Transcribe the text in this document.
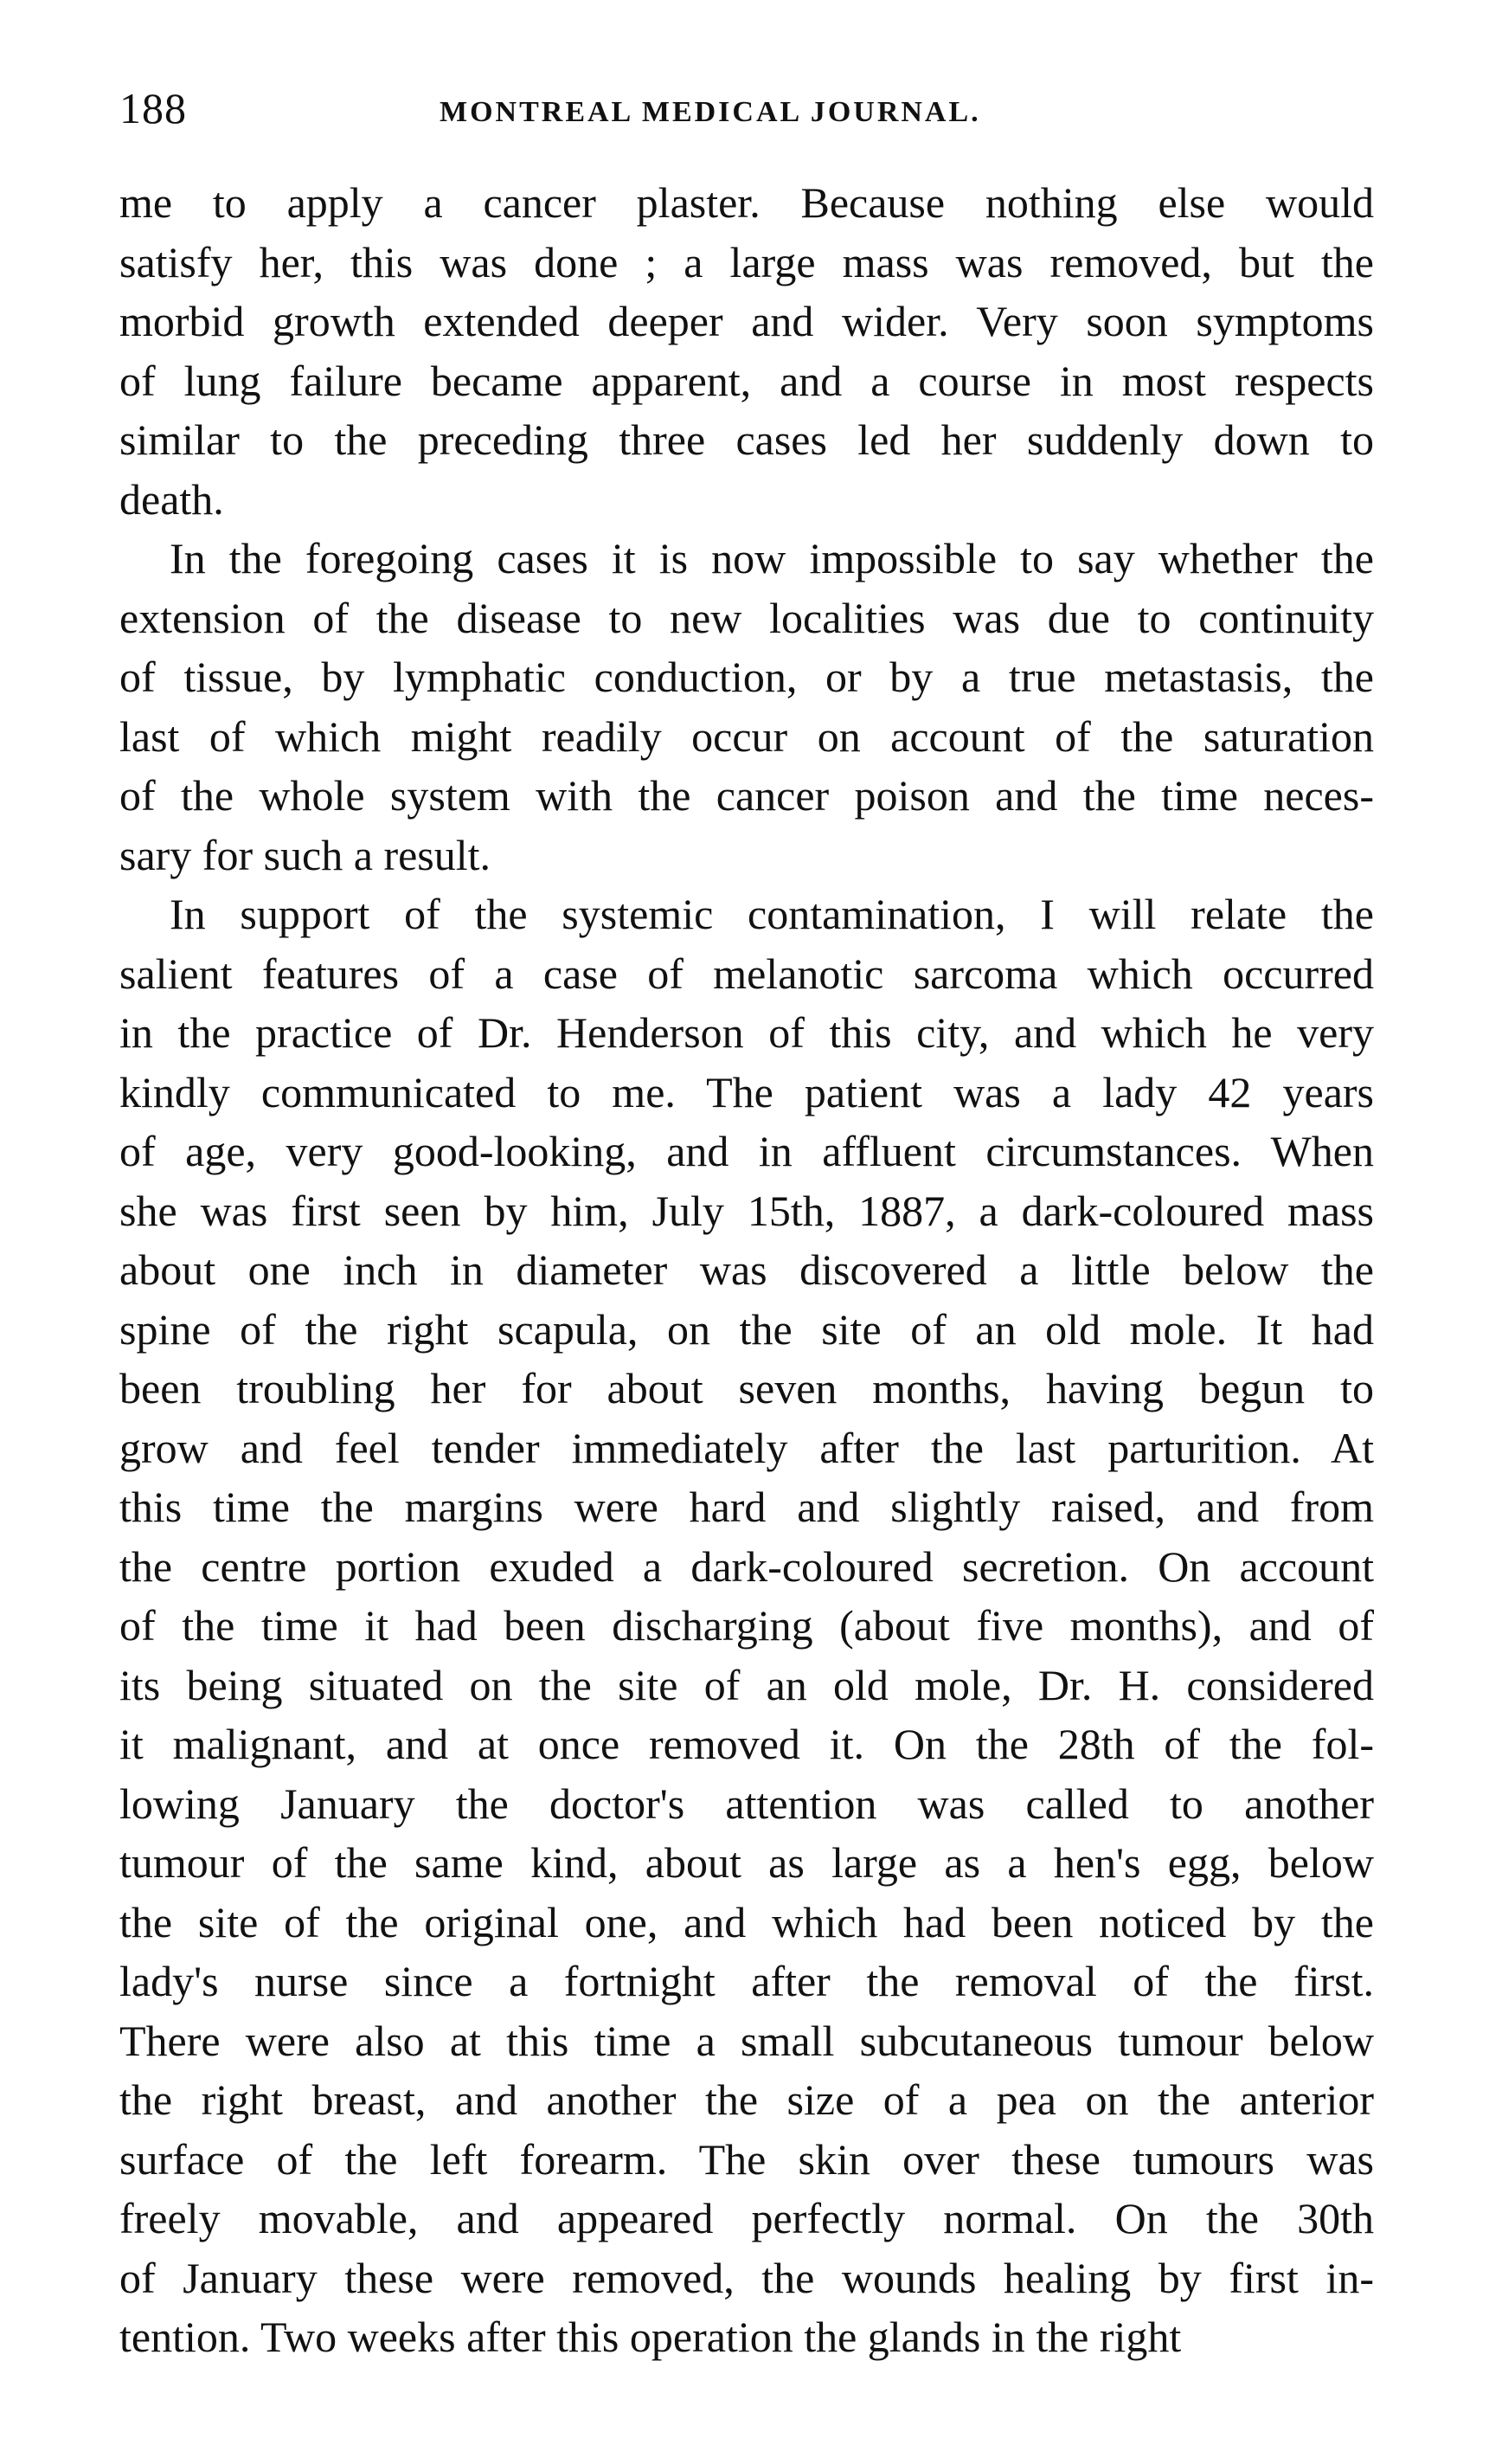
188	MONTREAL MEDICAL JOURNAL.
me to apply a cancer plaster. Because nothing else would
satisfy her, this was done ; a large mass was removed, but the
morbid growth extended deeper and wider. Very soon symptoms
of lung failure became apparent, and a course in most respects
similar to the preceding three cases led her suddenly down to
death.
In the foregoing cases it is now impossible to say whether the
extension of the disease to new localities was due to continuity
of tissue, by lymphatic conduction, or by a true metastasis, the
last of which might readily occur on account of the saturation
of the whole system with the cancer poison and the time neces-
sary for such a result.
In support of the systemic contamination, I will relate the
salient features of a case of melanotic sarcoma which occurred
in the practice of Dr. Henderson of this city, and which he very
kindly communicated to me. The patient was a lady 42 years
of age, very good-looking, and in affluent circumstances. When
she was first seen by him, July 15th, 1887, a dark-coloured mass
about one inch in diameter was discovered a little below the
spine of the right scapula, on the site of an old mole. It had
been troubling her for about seven months, having begun to
grow and feel tender immediately after the last parturition. At
this time the margins were hard and slightly raised, and from
the centre portion exuded a dark-coloured secretion. On account
of the time it had been discharging (about five months), and of
its being situated on the site of an old mole, Dr. H. considered
it malignant, and at once removed it. On the 28th of the fol-
lowing January the doctor's attention was called to another
tumour of the same kind, about as large as a hen's egg, below
the site of the original one, and which had been noticed by the
lady's nurse since a fortnight after the removal of the first.
There were also at this time a small subcutaneous tumour below
the right breast, and another the size of a pea on the anterior
surface of the left forearm. The skin over these tumours was
freely movable, and appeared perfectly normal. On the 30th
of January these were removed, the wounds healing by first in-
tention. Two weeks after this operation the glands in the right
